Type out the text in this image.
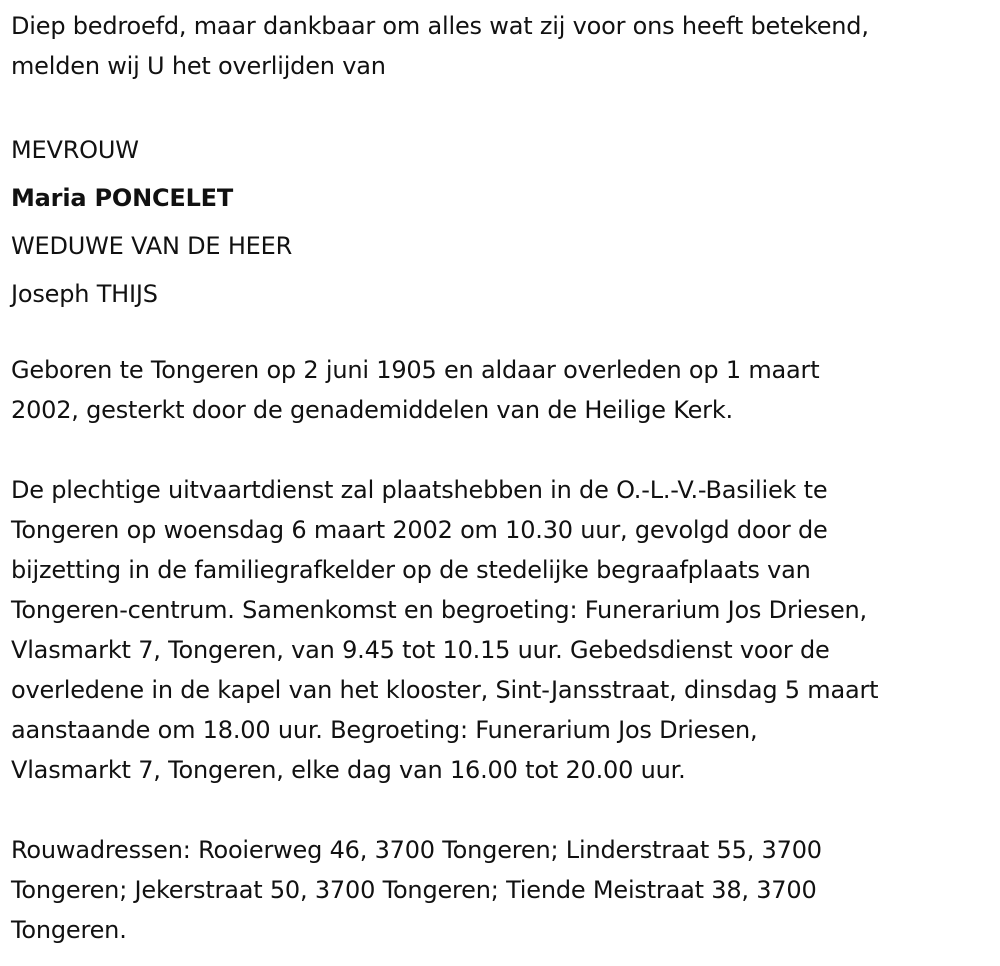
Diep bedroefd, maar dankbaar om alles wat zij voor ons heeft betekend,
melden wij U het overlijden van
MEVROUW
Maria PONCELET
WEDUWE VAN DE HEER
Joseph THIJS
Geboren te Tongeren op 2 juni 1905 en aldaar overleden op 1 maart
2002, gesterkt door de genademiddelen van de Heilige Kerk.
De plechtige uitvaartdienst zal plaatshebben in de O.-L.-V.-Basiliek te
Tongeren op woensdag 6 maart 2002 om 10.30 uur, gevolgd door de
bijzetting in de familiegrafkelder op de stedelijke begraafplaats van
Tongeren-centrum. Samenkomst en begroeting: Funerarium Jos Driesen,
Vlasmarkt 7, Tongeren, van 9.45 tot 10.15 uur. Gebedsdienst voor de
overledene in de kapel van het klooster, Sint-Jansstraat, dinsdag 5 maart
aanstaande om 18.00 uur. Begroeting: Funerarium Jos Driesen,
Vlasmarkt 7, Tongeren, elke dag van 16.00 tot 20.00 uur.
Rouwadressen: Rooierweg 46, 3700 Tongeren; Linderstraat 55, 3700
Tongeren; Jekerstraat 50, 3700 Tongeren; Tiende Meistraat 38, 3700
Tongeren.
